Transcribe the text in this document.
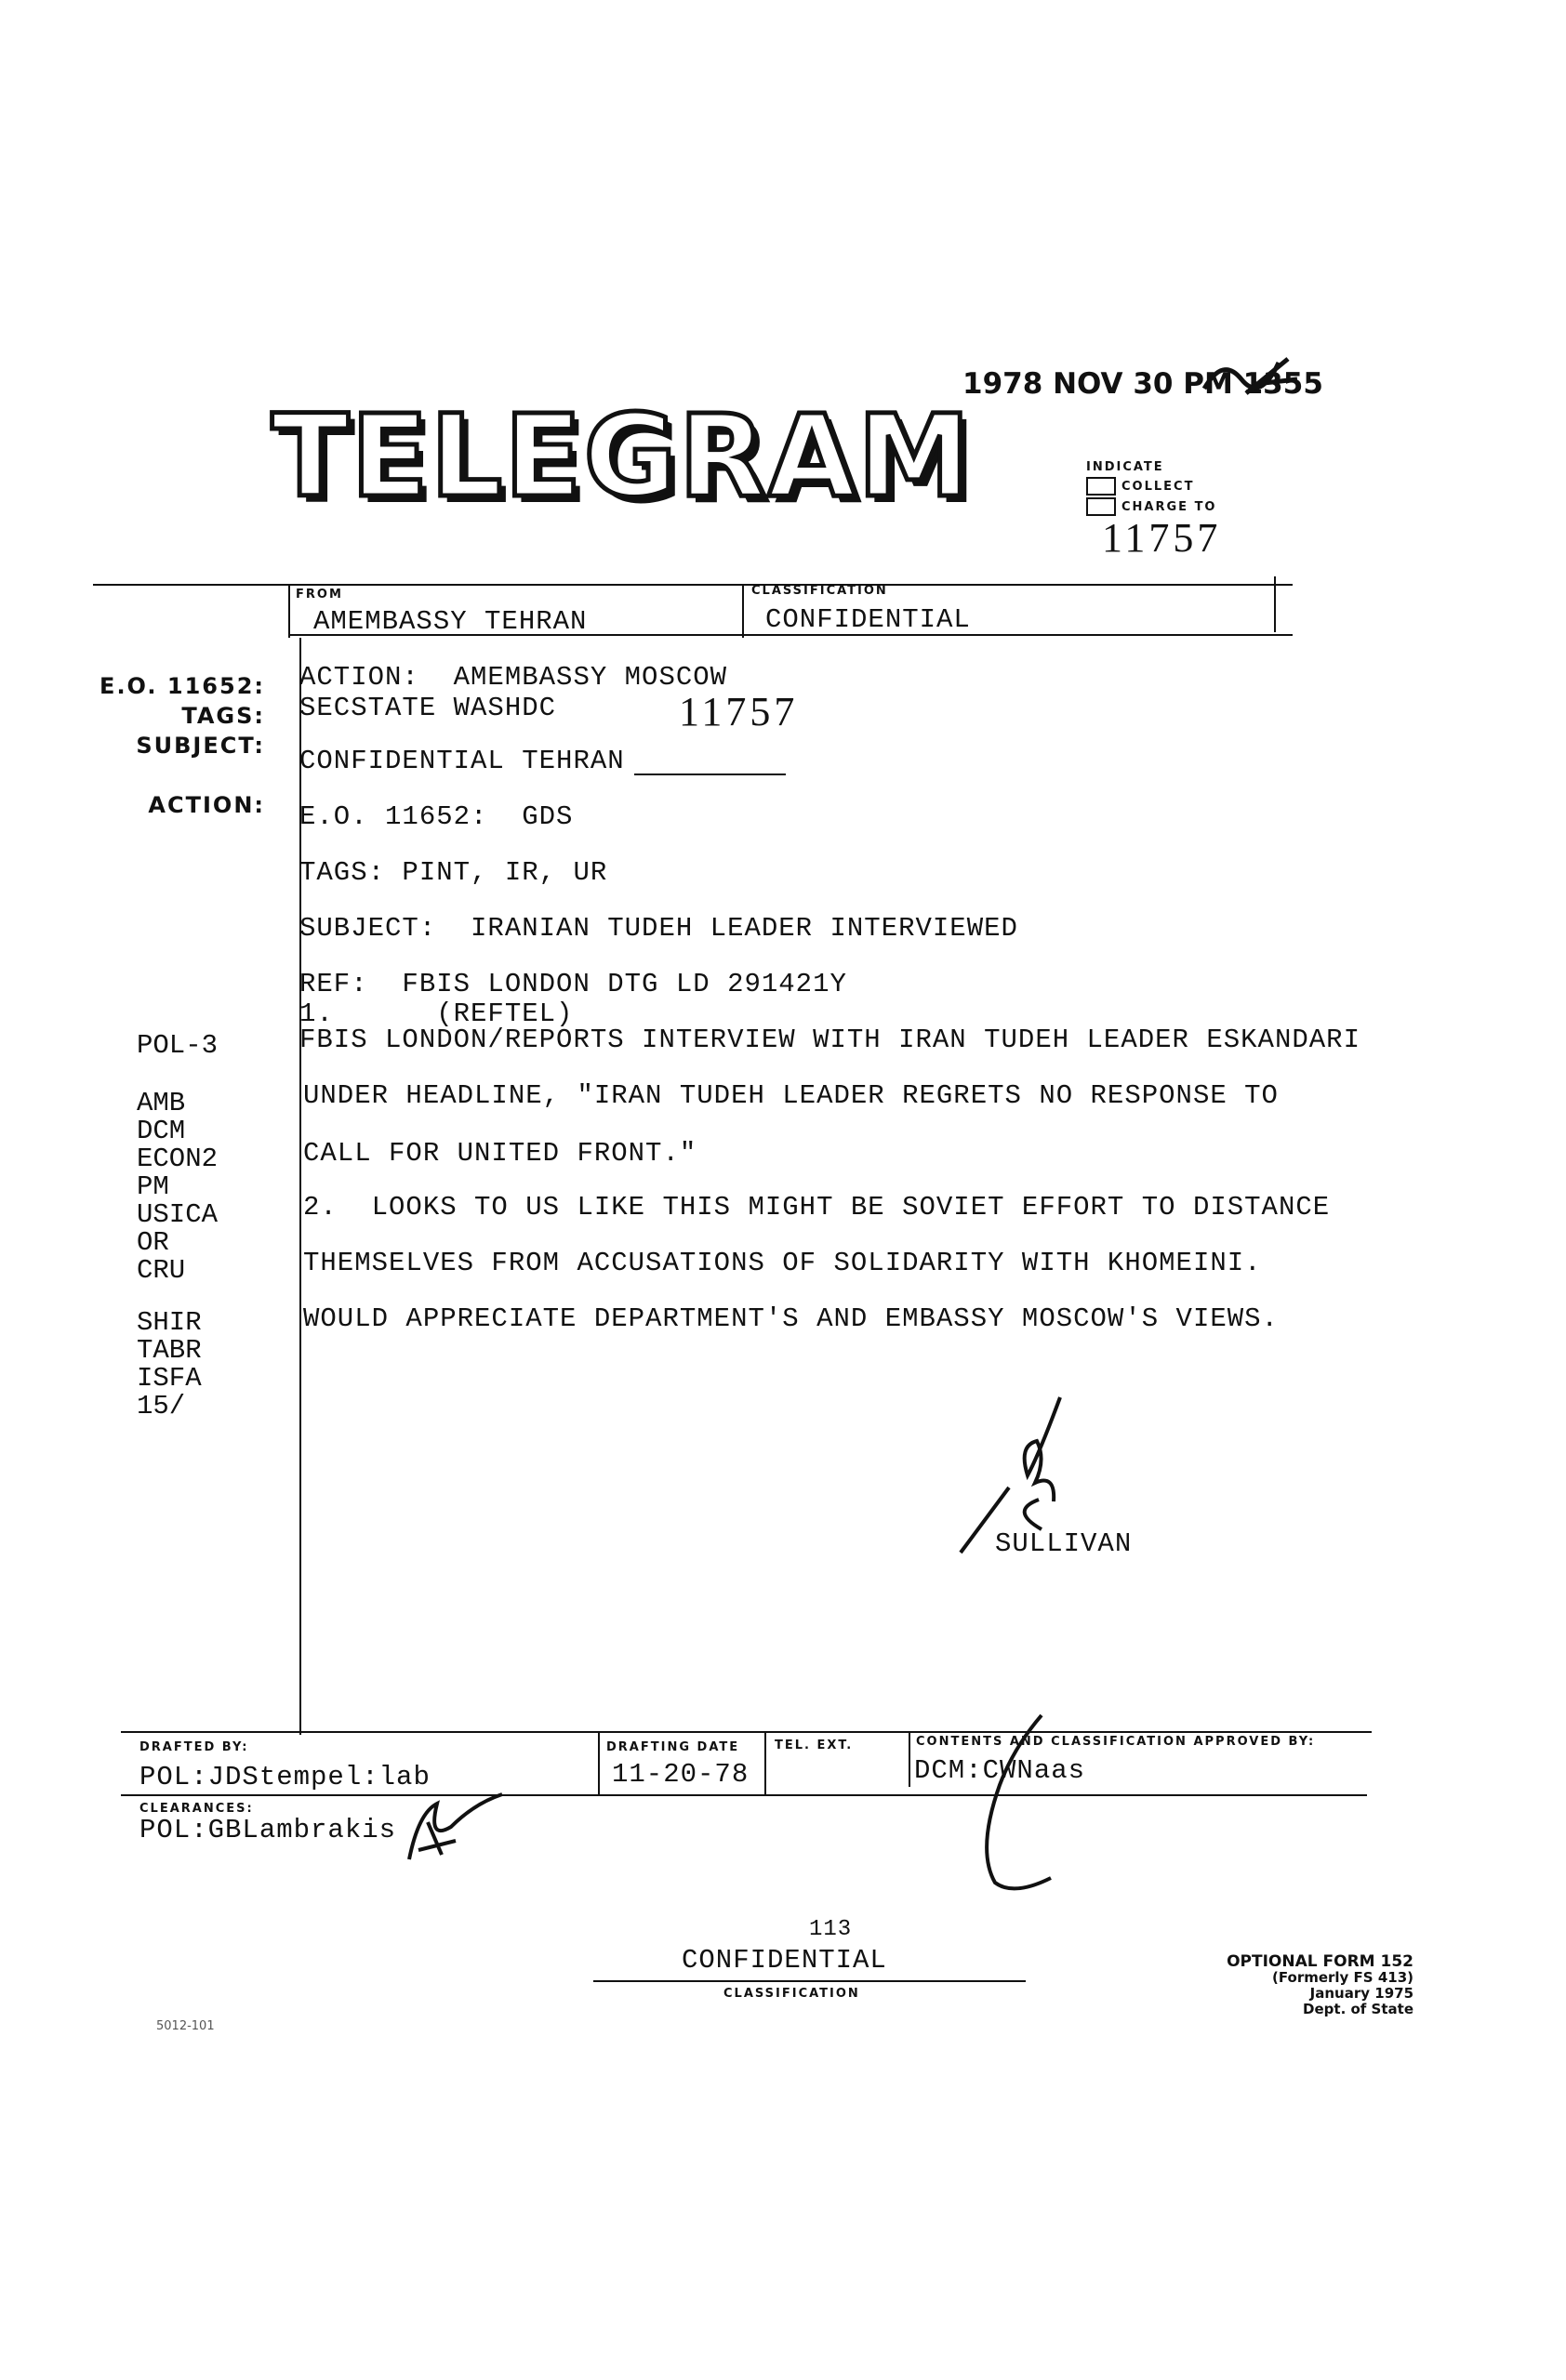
TELEGRAM
1978 NOV 30 PM 1355
INDICATE
COLLECT
CHARGE TO
11757
FROM
AMEMBASSY TEHRAN
CLASSIFICATION
CONFIDENTIAL
E.O. 11652:
TAGS:
SUBJECT:
ACTION:
POL-3
AMB
DCM
ECON2
PM
USICA
OR
CRU
SHIR
TABR
ISFA
15/
ACTION:  AMEMBASSY MOSCOW
SECSTATE WASHDC	11757
CONFIDENTIAL TEHRAN
E.O. 11652:  GDS
TAGS: PINT, IR, UR
SUBJECT:  IRANIAN TUDEH LEADER INTERVIEWED
REF:  FBIS LONDON DTG LD 291421Y
1.      (REFTEL)
FBIS LONDON/REPORTS INTERVIEW WITH IRAN TUDEH LEADER ESKANDARI
UNDER HEADLINE, "IRAN TUDEH LEADER REGRETS NO RESPONSE TO
CALL FOR UNITED FRONT."
2.  LOOKS TO US LIKE THIS MIGHT BE SOVIET EFFORT TO DISTANCE
THEMSELVES FROM ACCUSATIONS OF SOLIDARITY WITH KHOMEINI.
WOULD APPRECIATE DEPARTMENT'S AND EMBASSY MOSCOW'S VIEWS.
SULLIVAN
DRAFTED BY:
POL:JDStempel:lab
DRAFTING DATE
11-20-78
TEL. EXT.	CONTENTS AND CLASSIFICATION APPROVED BY:
DCM:CWNaas
CLEARANCES:
POL:GBLambrakis
113
CONFIDENTIAL
CLASSIFICATION
OPTIONAL FORM 152
(Formerly FS 413)
January 1975
Dept. of State
5012-101
